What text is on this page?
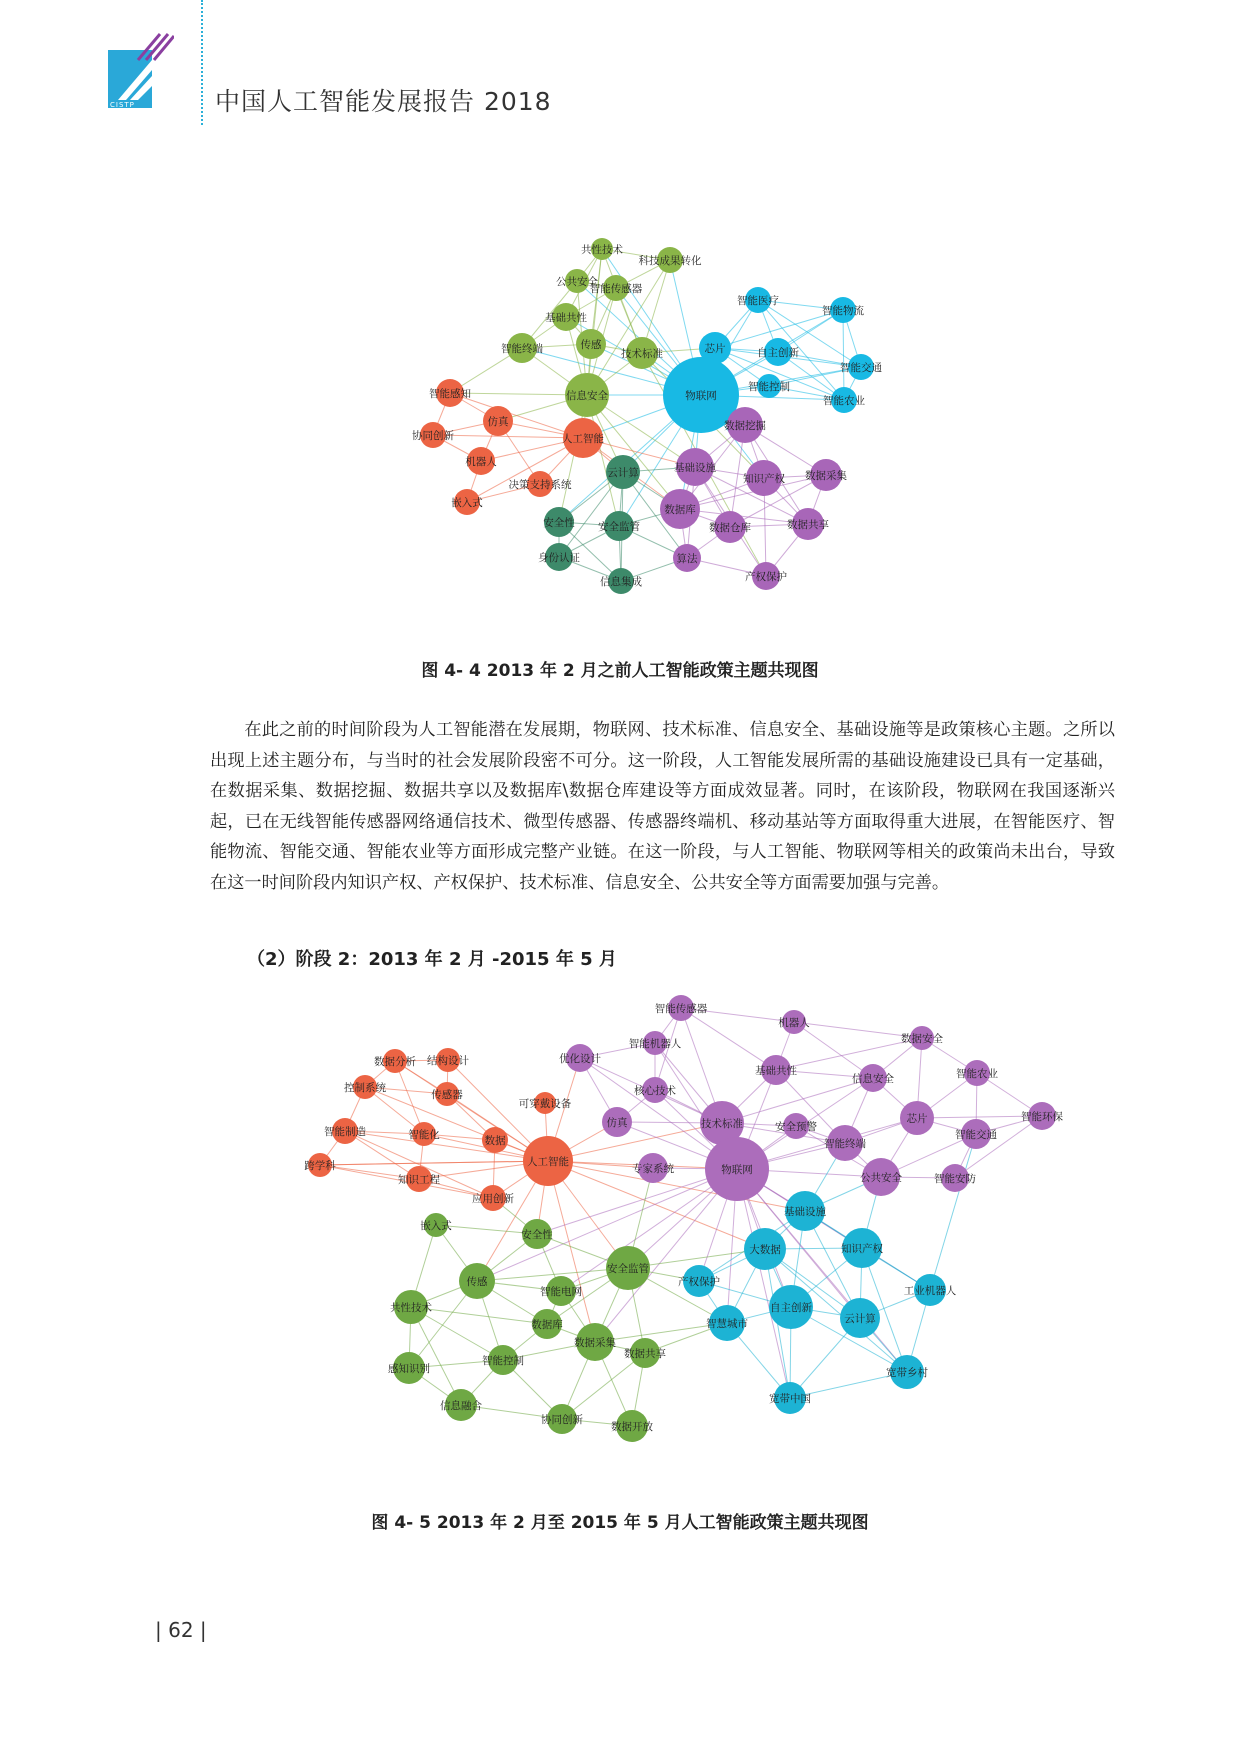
CISTP	中国人工智能发展报告 2018
共性技术
科技成果转化
公共安全
智能传感器
基础共性
智能终端	传感
技术标准
信息安全
智能医疗
智能物流
芯片	自主创新
智能交通
智能控制
物联网	智能农业
数据挖掘
基础设施
知识产权 数据采集
数据库
数据仓库	数据共享
算法
产权保护
智能感知
仿真
协同创新	人工智能
机器人
决策支持系统
嵌入式
云计算
安全性 安全监管
身份认证
信息集成
图 4- 4 2013 年 2 月之前人工智能政策主题共现图

在此之前的时间阶段为人工智能潜在发展期，物联网、技术标准、信息安全、基础设施等是政策核心主题。之所以出现上述主题分布，与当时的社会发展阶段密不可分。这一阶段，人工智能发展所需的基础设施建设已具有一定基础，在数据采集、数据挖掘、数据共享以及数据库\数据仓库建设等方面成效显著。同时，在该阶段，物联网在我国逐渐兴起，已在无线智能传感器网络通信技术、微型传感器、传感器终端机、移动基站等方面取得重大进展，在智能医疗、智能物流、智能交通、智能农业等方面形成完整产业链。在这一阶段，与人工智能、物联网等相关的政策尚未出台，导致在这一时间阶段内知识产权、产权保护、技术标准、信息安全、公共安全等方面需要加强与完善。

（2）阶段 2：2013 年 2 月 -2015 年 5 月
数据分析 结构设计
控制系统
传感器
可穿戴设备
智能制造	智能化	数据
人工智能
跨学科
知识工程
应用创新
智能传感器
机器人
数据安全
智能机器人
优化设计
基础共性	智能农业
信息安全
核心技术
仿真	技术标准	安全预警
芯片	智能环保
智能终端
智能交通
专家系统	物联网
公共安全	智能安防
基础设施
大数据	知识产权
产权保护
工业机器人
自主创新
云计算
智慧城市
宽带乡村
宽带中国
嵌入式
安全性
安全监管
传感
智能电网
共性技术
数据库
数据采集
数据共享
感知识别
智能控制
信息融合
协同创新
数据开放
图 4- 5 2013 年 2 月至 2015 年 5 月人工智能政策主题共现图
| 62 |
